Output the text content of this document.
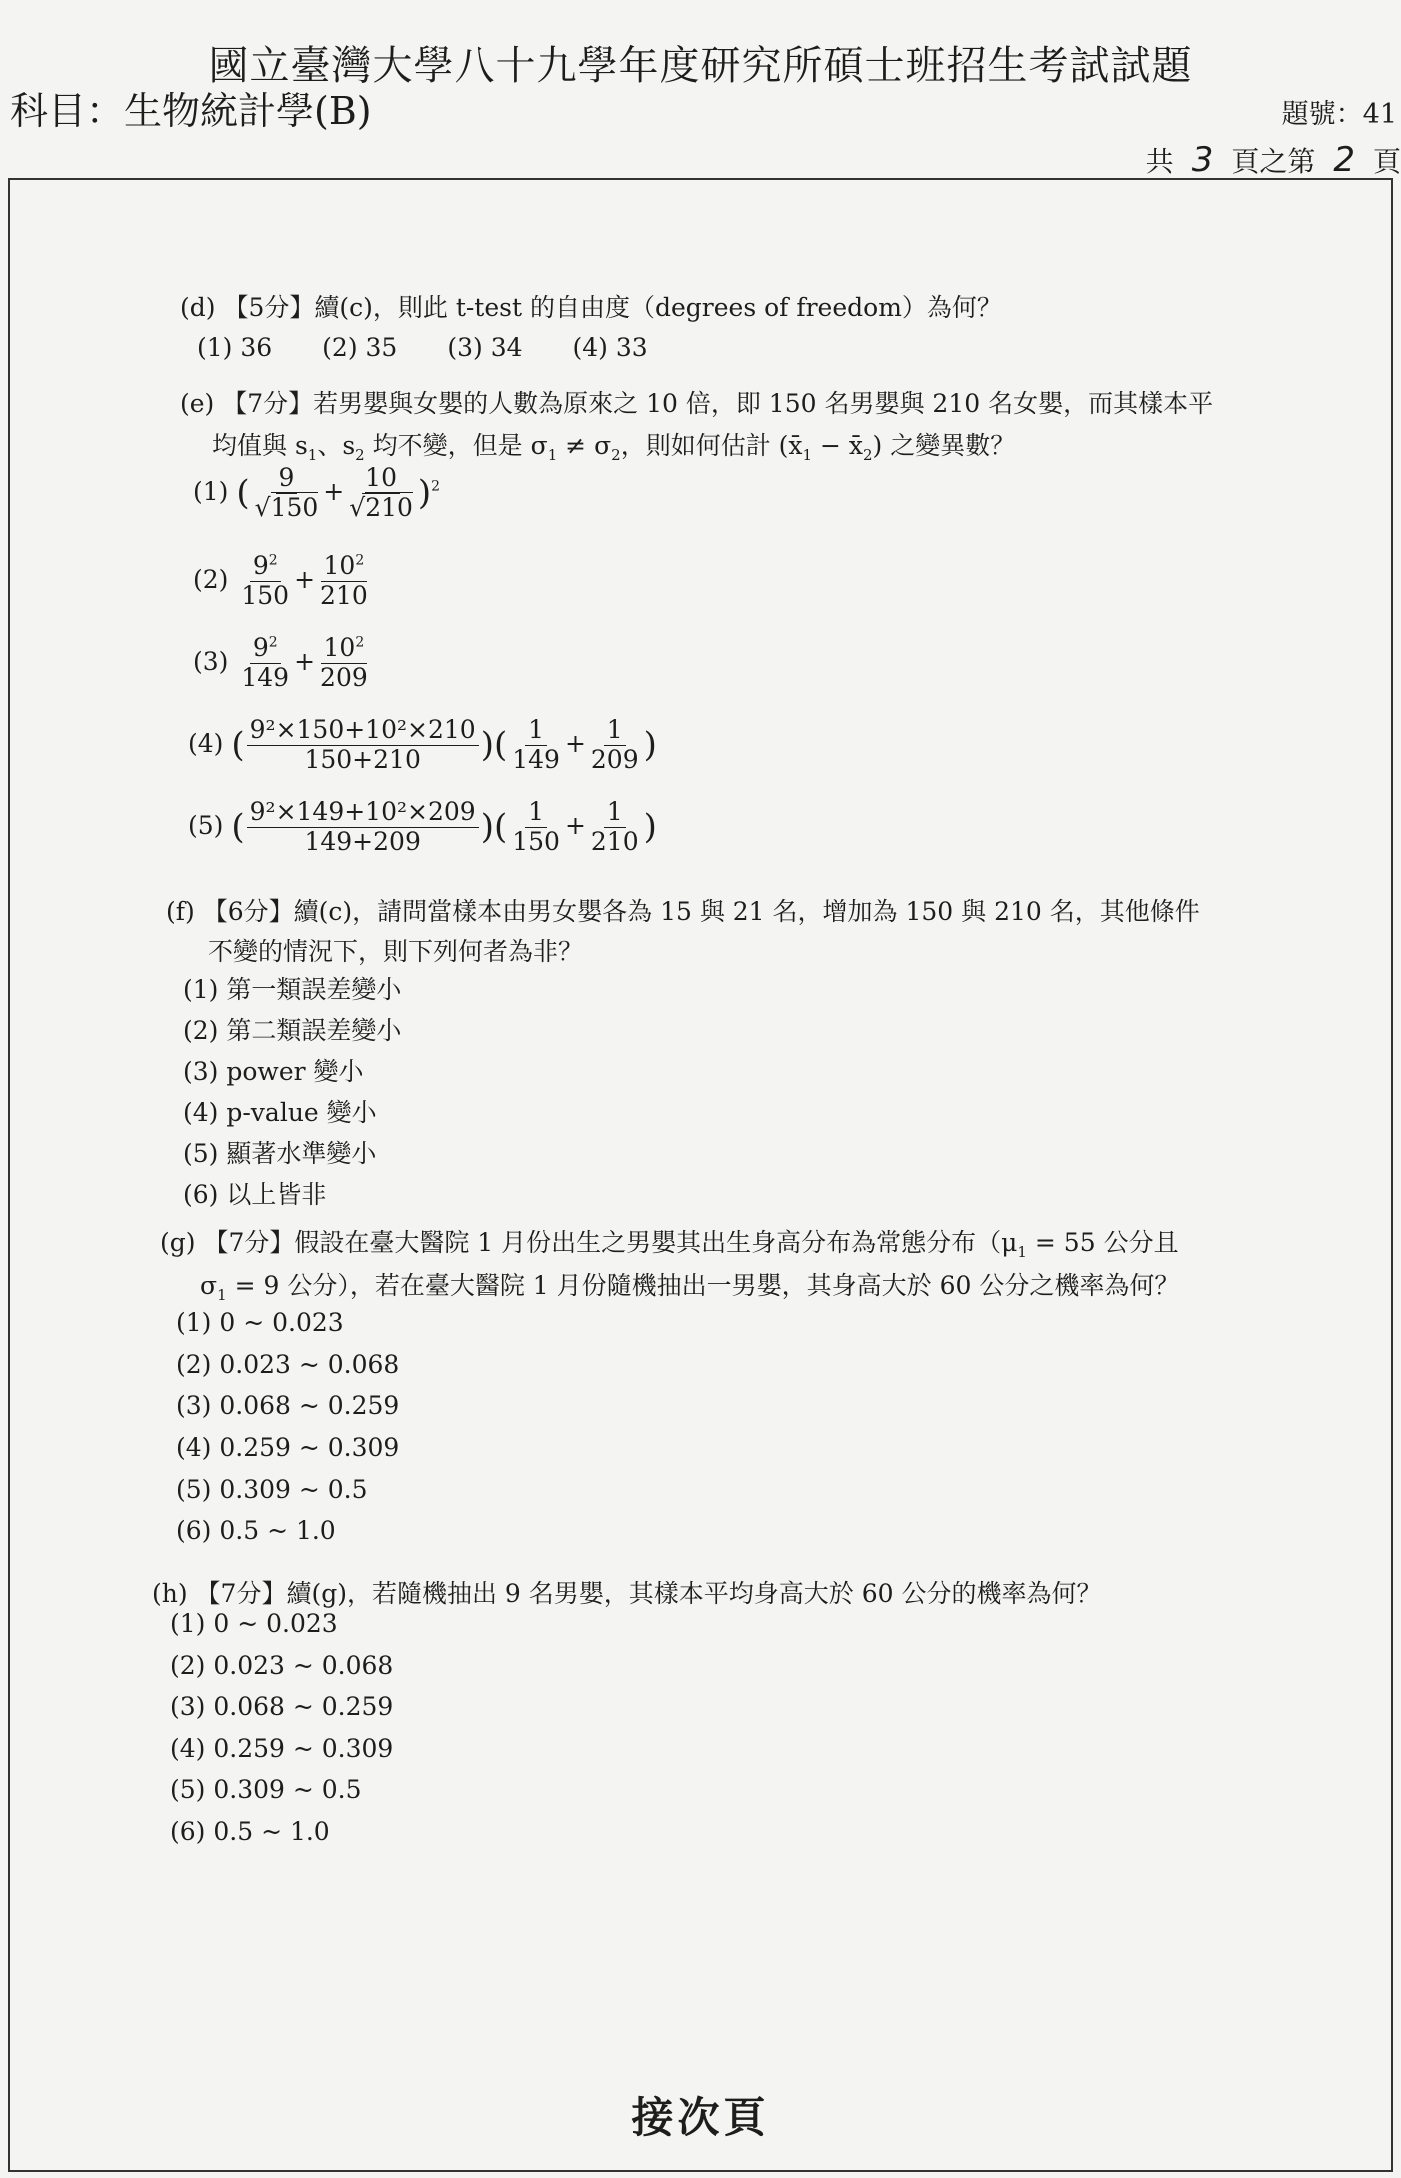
國立臺灣大學八十九學年度研究所碩士班招生考試試題
科目：生物統計學(B)	題號：41
共 3 頁之第 2 頁
(d) 【5分】續(c)，則此 t-test 的自由度（degrees of freedom）為何？
(1) 36　　(2) 35　　(3) 34　　(4) 33
(e) 【7分】若男嬰與女嬰的人數為原來之 10 倍，即 150 名男嬰與 210 名女嬰，而其樣本平
均值與 $s_1$、$s_2$ 均不變，但是 $\sigma_1 \ne \sigma_2$，則如何估計 ($x̄_1$ − $x̄_2$) 之變異數？
(1) ( 9
√ 150 + 10
√ 210 )$^2$
$(2) \frac{9^2}{150} + \frac{10^2}{210}$
$(3) \frac{9^2}{149} + \frac{10^2}{209}$
(4) ( $\frac{\text{9²×150+10²×210}}{150+210}$ )( $\frac{1}{149} + \frac{1}{209}$ )
(5) ( $\frac{\text{9²×149+10²×209}}{149+209}$ )( $\frac{1}{150} + \frac{1}{210}$ )
(f) 【6分】續(c)，請問當樣本由男女嬰各為 15 與 21 名，增加為 150 與 210 名，其他條件
不變的情況下，則下列何者為非？
(1) 第一類誤差變小
(2) 第二類誤差變小
(3) power 變小
(4) p-value 變小
(5) 顯著水準變小
(6) 以上皆非
(g) 【7分】假設在臺大醫院 1 月份出生之男嬰其出生身高分布為常態分布（$\mu_1 = 55$ 公分且
$\sigma_1 = 9$ 公分），若在臺大醫院 1 月份隨機抽出一男嬰，其身高大於 60 公分之機率為何？
(1) 0 ~ 0.023
(2) 0.023 ~ 0.068
(3) 0.068 ~ 0.259
(4) 0.259 ~ 0.309
(5) 0.309 ~ 0.5
(6) 0.5 ~ 1.0
(h) 【7分】續(g)，若隨機抽出 9 名男嬰，其樣本平均身高大於 60 公分的機率為何？
(1) 0 ~ 0.023
(2) 0.023 ~ 0.068
(3) 0.068 ~ 0.259
(4) 0.259 ~ 0.309
(5) 0.309 ~ 0.5
(6) 0.5 ~ 1.0
接次頁
